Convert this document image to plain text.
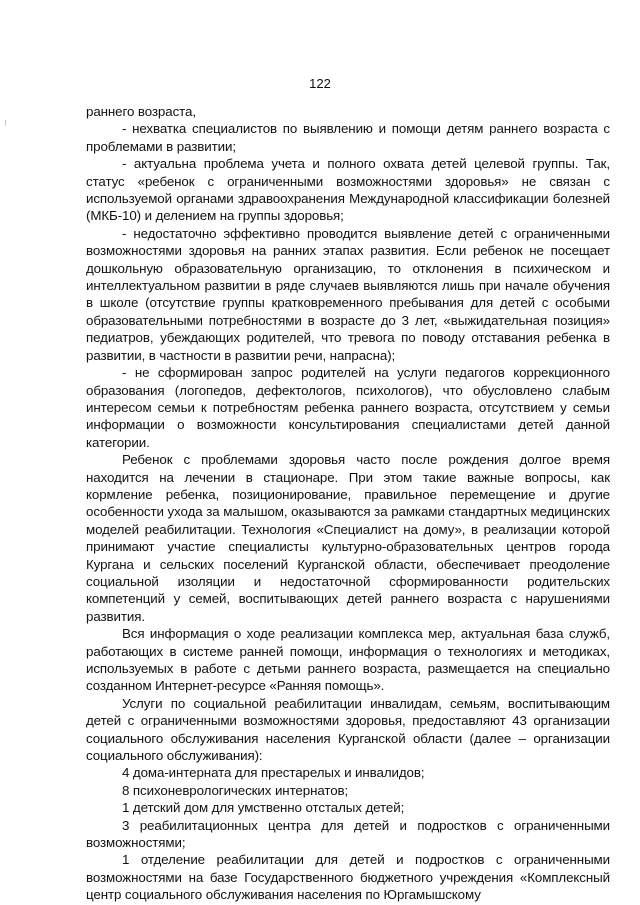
122

раннего возраста,

- нехватка специалистов по выявлению и помощи детям раннего возраста с проблемами в развитии;

- актуальна проблема учета и полного охвата детей целевой группы. Так, статус «ребенок с ограниченными возможностями здоровья» не связан с используемой органами здравоохранения Международной классификации болезней (МКБ-10) и делением на группы здоровья;

- недостаточно эффективно проводится выявление детей с ограниченными возможностями здоровья на ранних этапах развития. Если ребенок не посещает дошкольную образовательную организацию, то отклонения в психическом и интеллектуальном развитии в ряде случаев выявляются лишь при начале обучения в школе (отсутствие группы кратковременного пребывания для детей с особыми образовательными потребностями в возрасте до 3 лет, «выжидательная позиция» педиатров, убеждающих родителей, что тревога по поводу отставания ребенка в развитии, в частности в развитии речи, напрасна);

- не сформирован запрос родителей на услуги педагогов коррекционного образования (логопедов, дефектологов, психологов), что обусловлено слабым интересом семьи к потребностям ребенка раннего возраста, отсутствием у семьи информации о возможности консультирования специалистами детей данной категории.

Ребенок с проблемами здоровья часто после рождения долгое время находится на лечении в стационаре. При этом такие важные вопросы, как кормление ребенка, позиционирование, правильное перемещение и другие особенности ухода за малышом, оказываются за рамками стандартных медицинских моделей реабилитации. Технология «Специалист на дому», в реализации которой принимают участие специалисты культурно-образовательных центров города Кургана и сельских поселений Курганской области, обеспечивает преодоление социальной изоляции и недостаточной сформированности родительских компетенций у семей, воспитывающих детей раннего возраста с нарушениями развития.

Вся информация о ходе реализации комплекса мер, актуальная база служб, работающих в системе ранней помощи, информация о технологиях и методиках, используемых в работе с детьми раннего возраста, размещается на специально созданном Интернет-ресурсе «Ранняя помощь».

Услуги по социальной реабилитации инвалидам, семьям, воспитывающим детей с ограниченными возможностями здоровья, предоставляют 43 организации социального обслуживания населения Курганской области (далее – организации социального обслуживания):

4 дома-интерната для престарелых и инвалидов;

8 психоневрологических интернатов;

1 детский дом для умственно отсталых детей;

3 реабилитационных центра для детей и подростков с ограниченными возможностями;

1 отделение реабилитации для детей и подростков с ограниченными возможностями на базе Государственного бюджетного учреждения «Комплексный центр социального обслуживания населения по Юргамышскому
